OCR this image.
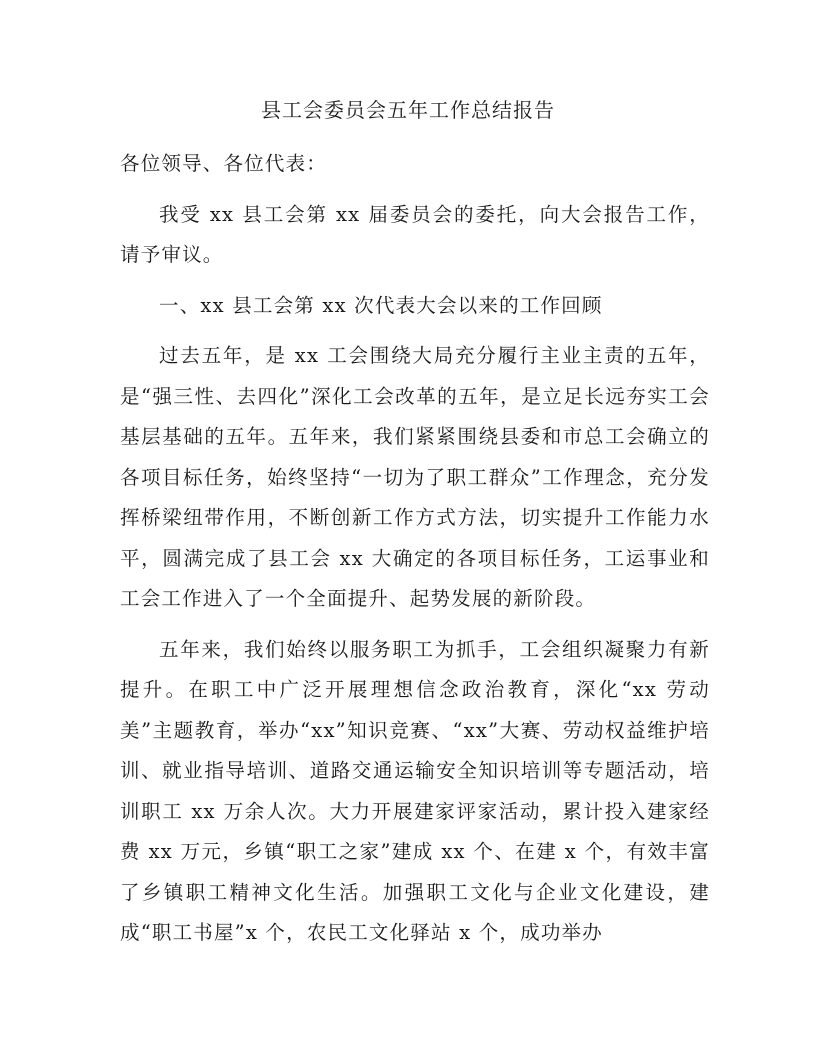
县工会委员会五年工作总结报告

各位领导、各位代表：

我受 xx 县工会第 xx 届委员会的委托，向大会报告工作，请予审议。

一、xx 县工会第 xx 次代表大会以来的工作回顾

过去五年，是 xx 工会围绕大局充分履行主业主责的五年，是“强三性、去四化”深化工会改革的五年，是立足长远夯实工会基层基础的五年。五年来，我们紧紧围绕县委和市总工会确立的各项目标任务，始终坚持“一切为了职工群众”工作理念，充分发挥桥梁纽带作用，不断创新工作方式方法，切实提升工作能力水平，圆满完成了县工会 xx 大确定的各项目标任务，工运事业和工会工作进入了一个全面提升、起势发展的新阶段。

五年来，我们始终以服务职工为抓手，工会组织凝聚力有新提升。在职工中广泛开展理想信念政治教育，深化“xx 劳动美”主题教育，举办“xx”知识竞赛、“xx”大赛、劳动权益维护培训、就业指导培训、道路交通运输安全知识培训等专题活动，培训职工 xx 万余人次。大力开展建家评家活动，累计投入建家经费 xx 万元，乡镇“职工之家”建成 xx 个、在建 x 个，有效丰富了乡镇职工精神文化生活。加强职工文化与企业文化建设，建成“职工书屋”x 个，农民工文化驿站 x 个，成功举办
